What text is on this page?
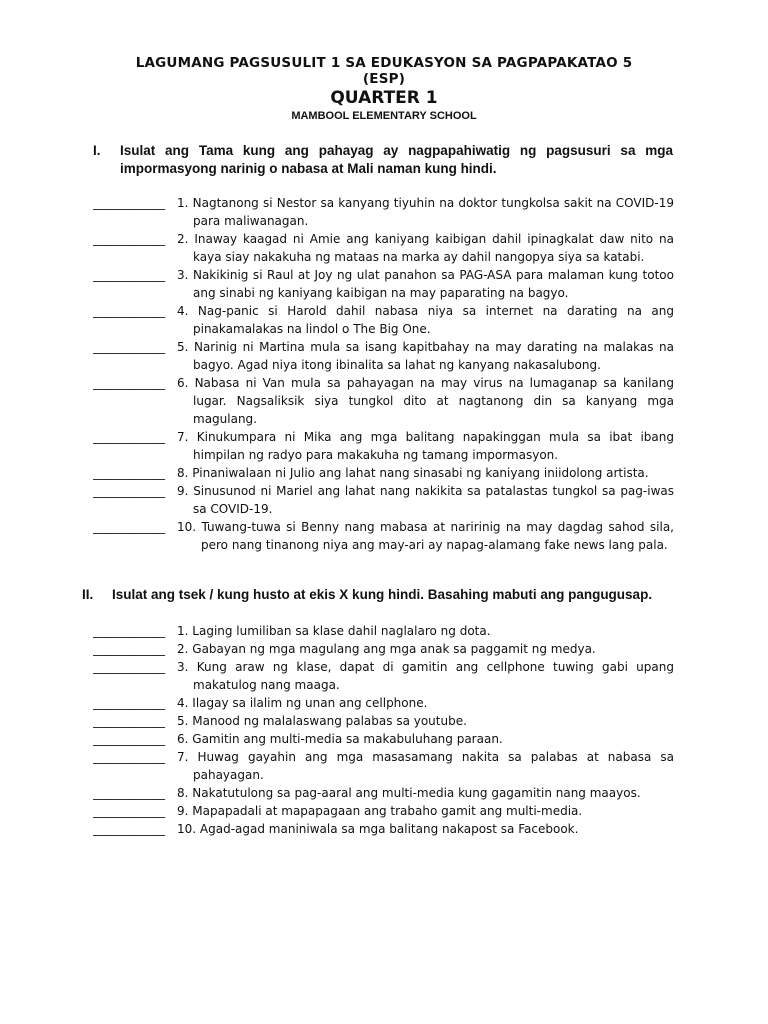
LAGUMANG PAGSUSULIT 1 SA EDUKASYON SA PAGPAPAKATAO 5
(ESP)
QUARTER 1
MAMBOOL ELEMENTARY SCHOOL
I. Isulat ang Tama kung ang pahayag ay nagpapahiwatig ng pagsusuri sa mga impormasyong narinig o nabasa at Mali naman kung hindi.
____________	1. Nagtanong si Nestor sa kanyang tiyuhin na doktor tungkolsa sakit na COVID-19 para maliwanagan.
____________	2. Inaway kaagad ni Amie ang kaniyang kaibigan dahil ipinagkalat daw nito na kaya siay nakakuha ng mataas na marka ay dahil nangopya siya sa katabi.
____________	3. Nakikinig si Raul at Joy ng ulat panahon sa PAG-ASA para malaman kung totoo ang sinabi ng kaniyang kaibigan na may paparating na bagyo.
____________	4. Nag-panic si Harold dahil nabasa niya sa internet na darating na ang pinakamalakas na lindol o The Big One.
____________	5. Narinig ni Martina mula sa isang kapitbahay na may darating na malakas na bagyo. Agad niya itong ibinalita sa lahat ng kanyang nakasalubong.
____________	6. Nabasa ni Van mula sa pahayagan na may virus na lumaganap sa kanilang lugar. Nagsaliksik siya tungkol dito at nagtanong din sa kanyang mga magulang.
____________	7. Kinukumpara ni Mika ang mga balitang napakinggan mula sa ibat ibang himpilan ng radyo para makakuha ng tamang impormasyon.
____________	8. Pinaniwalaan ni Julio ang lahat nang sinasabi ng kaniyang iniidolong artista.
____________	9. Sinusunod ni Mariel ang lahat nang nakikita sa patalastas tungkol sa pag-iwas sa COVID-19.
____________	10. Tuwang-tuwa si Benny nang mabasa at naririnig na may dagdag sahod sila, pero nang tinanong niya ang may-ari ay napag-alamang fake news lang pala.
II. Isulat ang tsek / kung husto at ekis X kung hindi. Basahing mabuti ang pangugusap.
____________	1. Laging lumiliban sa klase dahil naglalaro ng dota.
____________	2. Gabayan ng mga magulang ang mga anak sa paggamit ng medya.
____________	3. Kung araw ng klase, dapat di gamitin ang cellphone tuwing gabi upang makatulog nang maaga.
____________	4. Ilagay sa ilalim ng unan ang cellphone.
____________	5. Manood ng malalaswang palabas sa youtube.
____________	6. Gamitin ang multi-media sa makabuluhang paraan.
____________	7. Huwag gayahin ang mga masasamang nakita sa palabas at nabasa sa pahayagan.
____________	8. Nakatutulong sa pag-aaral ang multi-media kung gagamitin nang maayos.
____________	9. Mapapadali at mapapagaan ang trabaho gamit ang multi-media.
____________	10. Agad-agad maniniwala sa mga balitang nakapost sa Facebook.
